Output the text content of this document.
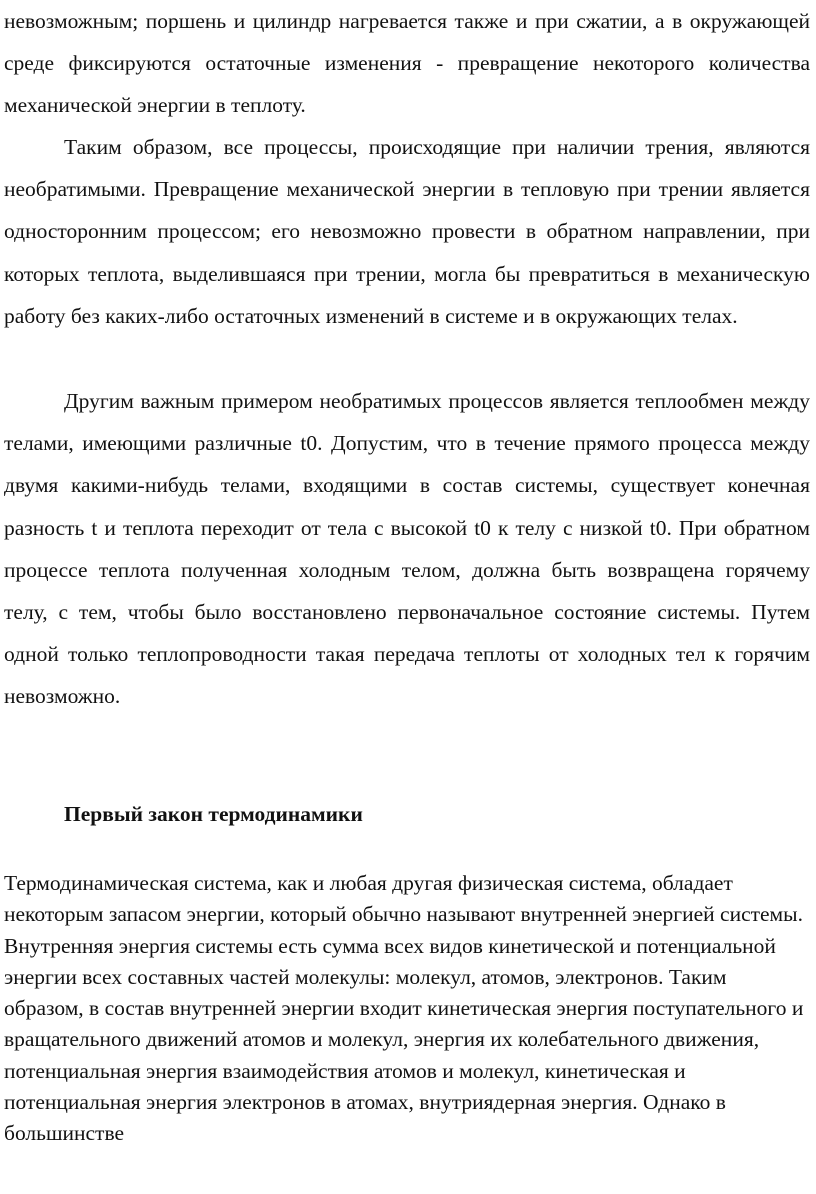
невозможным; поршень и цилиндр нагревается также и при сжатии, а в окружающей среде фиксируются остаточные изменения - превращение некоторого количества механической энергии в теплоту.

Таким образом, все процессы, происходящие при наличии трения, являются необратимыми. Превращение механической энергии в тепловую при трении является односторонним процессом; его невозможно провести в обратном направлении, при которых теплота, выделившаяся при трении, могла бы превратиться в механическую работу без каких-либо остаточных изменений в системе и в окружающих телах.

Другим важным примером необратимых процессов является теплообмен между телами, имеющими различные t0. Допустим, что в течение прямого процесса между двумя какими-нибудь телами, входящими в состав системы, существует конечная разность t и теплота переходит от тела с высокой t0 к телу с низкой t0. При обратном процессе теплота полученная холодным телом, должна быть возвращена горячему телу, с тем, чтобы было восстановлено первоначальное состояние системы. Путем одной только теплопроводности такая передача теплоты от холодных тел к горячим невозможно.

Первый закон термодинамики

Термодинамическая система, как и любая другая физическая система, обладает некоторым запасом энергии, который обычно называют внутренней энергией системы. Внутренняя энергия системы есть сумма всех видов кинетической и потенциальной энергии всех составных частей молекулы: молекул, атомов, электронов. Таким образом, в состав внутренней энергии входит кинетическая энергия поступательного и вращательного движений атомов и молекул, энергия их колебательного движения, потенциальная энергия взаимодействия атомов и молекул, кинетическая и потенциальная энергия электронов в атомах, внутриядерная энергия. Однако в большинстве
